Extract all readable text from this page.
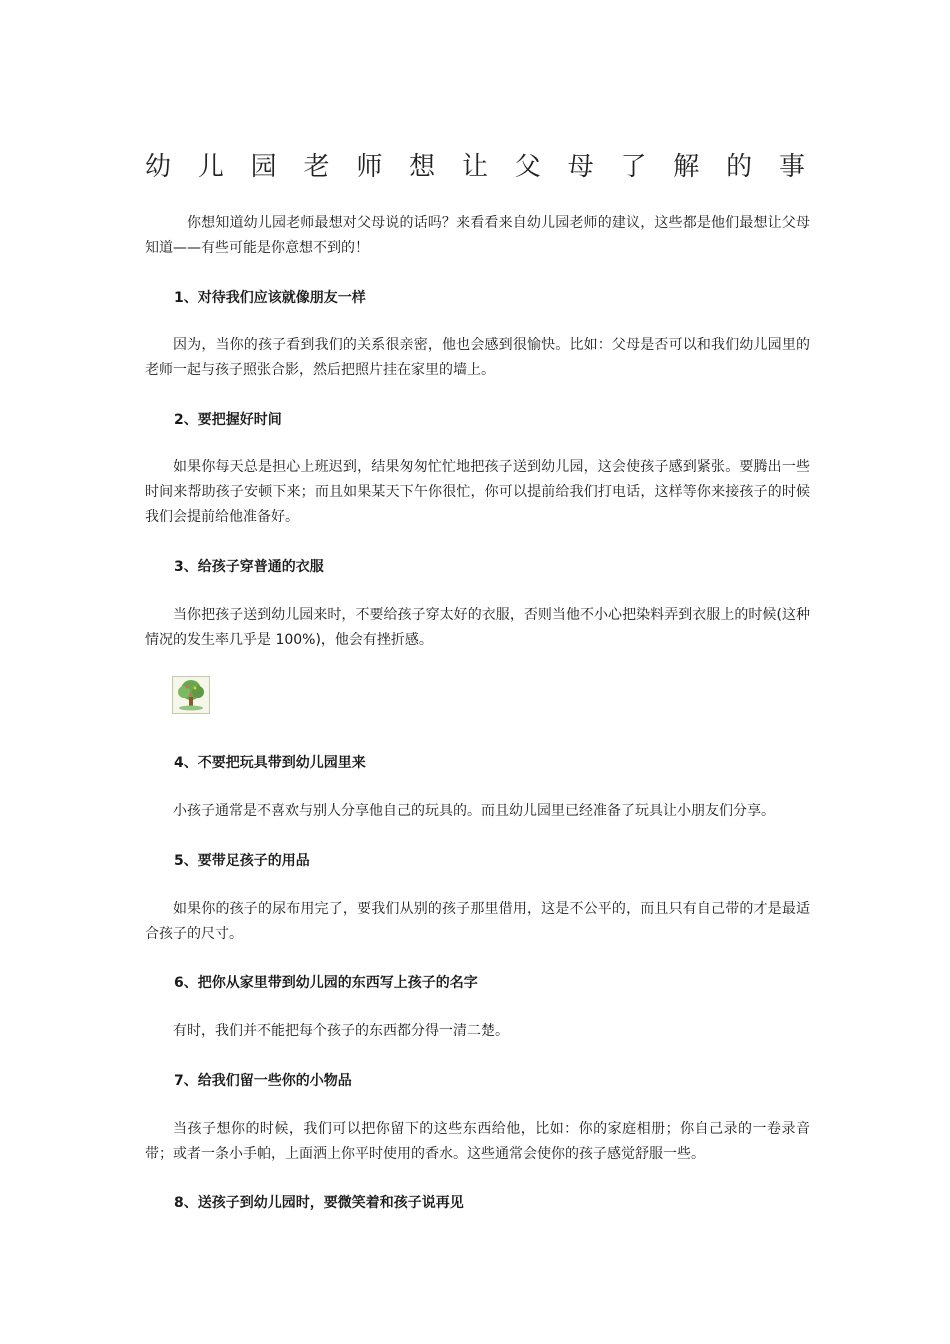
幼 儿 园 老 师 想 让 父 母 了 解 的 事
你想知道幼儿园老师最想对父母说的话吗？来看看来自幼儿园老师的建议，这些都是他们最想让父母知道——有些可能是你意想不到的！
1、对待我们应该就像朋友一样
因为，当你的孩子看到我们的关系很亲密，他也会感到很愉快。比如：父母是否可以和我们幼儿园里的老师一起与孩子照张合影，然后把照片挂在家里的墙上。
2、要把握好时间
如果你每天总是担心上班迟到，结果匆匆忙忙地把孩子送到幼儿园，这会使孩子感到紧张。要腾出一些时间来帮助孩子安顿下来；而且如果某天下午你很忙，你可以提前给我们打电话，这样等你来接孩子的时候我们会提前给他准备好。
3、给孩子穿普通的衣服
当你把孩子送到幼儿园来时，不要给孩子穿太好的衣服，否则当他不小心把染料弄到衣服上的时候(这种情况的发生率几乎是 100%)，他会有挫折感。
4、不要把玩具带到幼儿园里来
小孩子通常是不喜欢与别人分享他自己的玩具的。而且幼儿园里已经准备了玩具让小朋友们分享。
5、要带足孩子的用品
如果你的孩子的尿布用完了，要我们从别的孩子那里借用，这是不公平的，而且只有自己带的才是最适合孩子的尺寸。
6、把你从家里带到幼儿园的东西写上孩子的名字
有时，我们并不能把每个孩子的东西都分得一清二楚。
7、给我们留一些你的小物品
当孩子想你的时候，我们可以把你留下的这些东西给他，比如：你的家庭相册；你自己录的一卷录音带；或者一条小手帕，上面洒上你平时使用的香水。这些通常会使你的孩子感觉舒服一些。
8、送孩子到幼儿园时，要微笑着和孩子说再见
